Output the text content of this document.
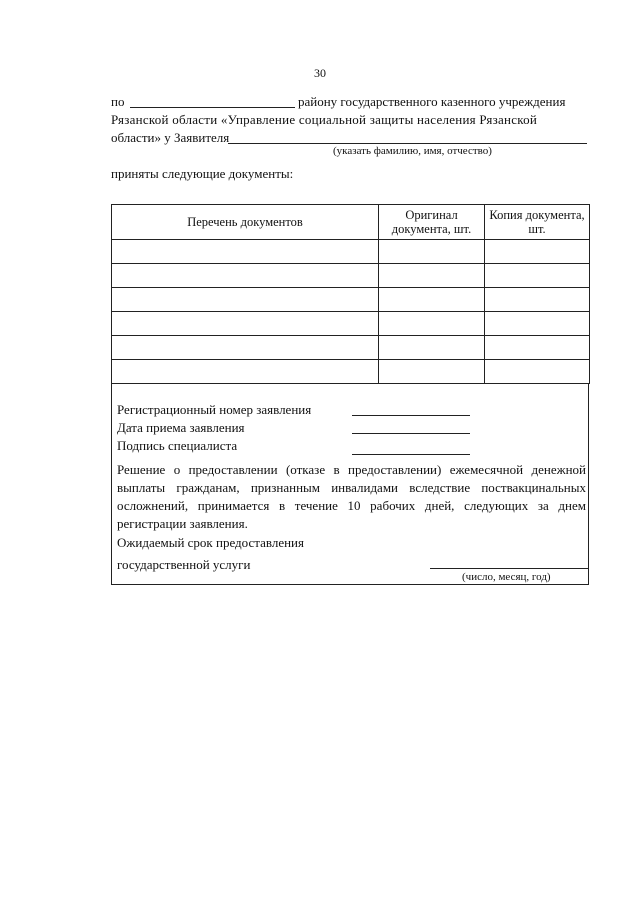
30
по	району государственного казенного учреждения
Рязанской области «Управление социальной защиты населения Рязанской
области» у Заявителя
(указать фамилию, имя, отчество)
приняты следующие документы:
Перечень документов	Оригинал документа, шт.	Копия документа, шт.

Регистрационный номер заявления
Дата приема заявления
Подпись специалиста
Решение о предоставлении (отказе в предоставлении) ежемесячной денежной
выплаты гражданам, признанным инвалидами вследствие поствакцинальных
осложнений, принимается в течение 10 рабочих дней, следующих за днем
регистрации заявления.
Ожидаемый срок предоставления
государственной услуги
(число, месяц, год)
